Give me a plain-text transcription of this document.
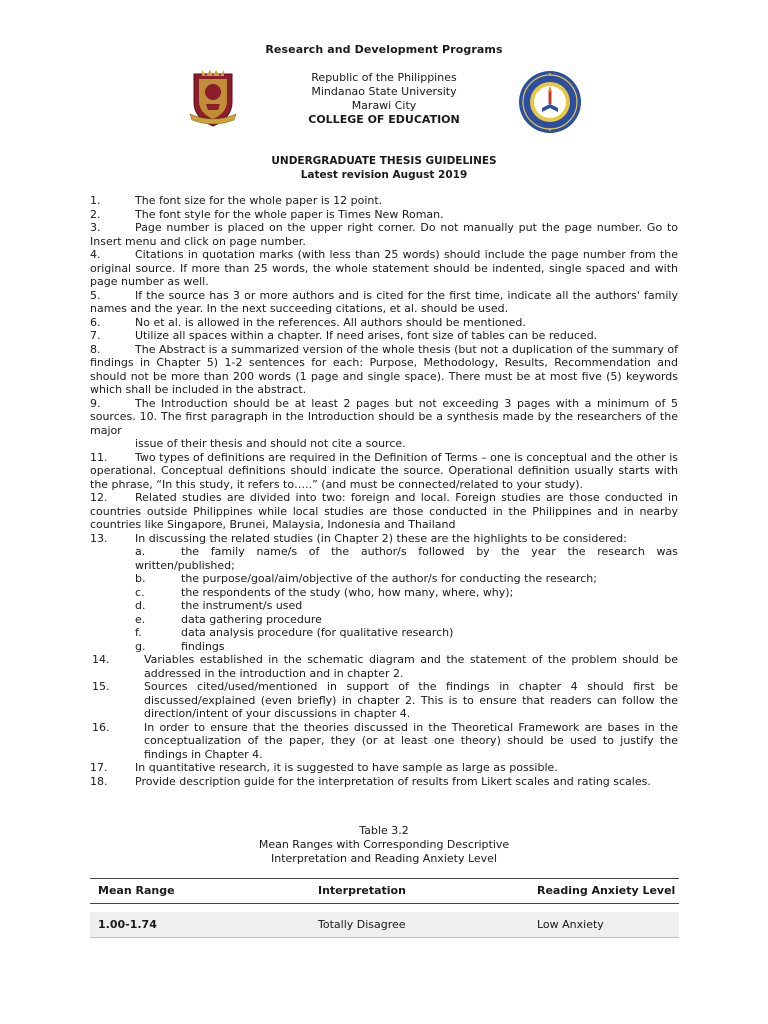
Research and Development Programs
Republic of the Philippines
Mindanao State University
Marawi City
COLLEGE OF EDUCATION
UNDERGRADUATE THESIS GUIDELINES
Latest revision August 2019

1.	The font size for the whole paper is 12 point.

2.	The font style for the whole paper is Times New Roman.

3.	Page number is placed on the upper right corner. Do not manually put the page number. Go to Insert menu and click on page number.

4.	Citations in quotation marks (with less than 25 words) should include the page number from the original source. If more than 25 words, the whole statement should be indented, single spaced and with page number as well.

5.	If the source has 3 or more authors and is cited for the first time, indicate all the authors' family names and the year. In the next succeeding citations, et al. should be used.

6.	No et al. is allowed in the references. All authors should be mentioned.

7.	Utilize all spaces within a chapter. If need arises, font size of tables can be reduced.

8.	The Abstract is a summarized version of the whole thesis (but not a duplication of the summary of findings in Chapter 5) 1-2 sentences for each: Purpose, Methodology, Results, Recommendation and should not be more than 200 words (1 page and single space). There must be at most five (5) keywords which shall be included in the abstract.

9.	The Introduction should be at least 2 pages but not exceeding 3 pages with a minimum of 5 sources. 10. The first paragraph in the Introduction should be a synthesis made by the researchers of the major

issue of their thesis and should not cite a source.

11.	Two types of definitions are required in the Definition of Terms – one is conceptual and the other is operational. Conceptual definitions should indicate the source. Operational definition usually starts with the phrase, “In this study, it refers to…..” (and must be connected/related to your study).

12.	Related studies are divided into two: foreign and local. Foreign studies are those conducted in countries outside Philippines while local studies are those conducted in the Philippines and in nearby countries like Singapore, Brunei, Malaysia, Indonesia and Thailand

13.	In discussing the related studies (in Chapter 2) these are the highlights to be considered:

a.	the family name/s of the author/s followed by the year the research was written/published;

b.	the purpose/goal/aim/objective of the author/s for conducting the research;

c.	the respondents of the study (who, how many, where, why);

d.	the instrument/s used

e.	data gathering procedure

f.	data analysis procedure (for qualitative research)

g.	findings

14.	Variables established in the schematic diagram and the statement of the problem should be addressed in the introduction and in chapter 2.

15.	Sources cited/used/mentioned in support of the findings in chapter 4 should first be discussed/explained (even briefly) in chapter 2. This is to ensure that readers can follow the direction/intent of your discussions in chapter 4.

16.	In order to ensure that the theories discussed in the Theoretical Framework are bases in the conceptualization of the paper, they (or at least one theory) should be used to justify the findings in Chapter 4.

17.	In quantitative research, it is suggested to have sample as large as possible.

18.	Provide description guide for the interpretation of results from Likert scales and rating scales.

Table 3.2
Mean Ranges with Corresponding Descriptive
Interpretation and Reading Anxiety Level
Mean Range	Interpretation	Reading Anxiety Level

1.00-1.74	Totally Disagree	Low Anxiety
